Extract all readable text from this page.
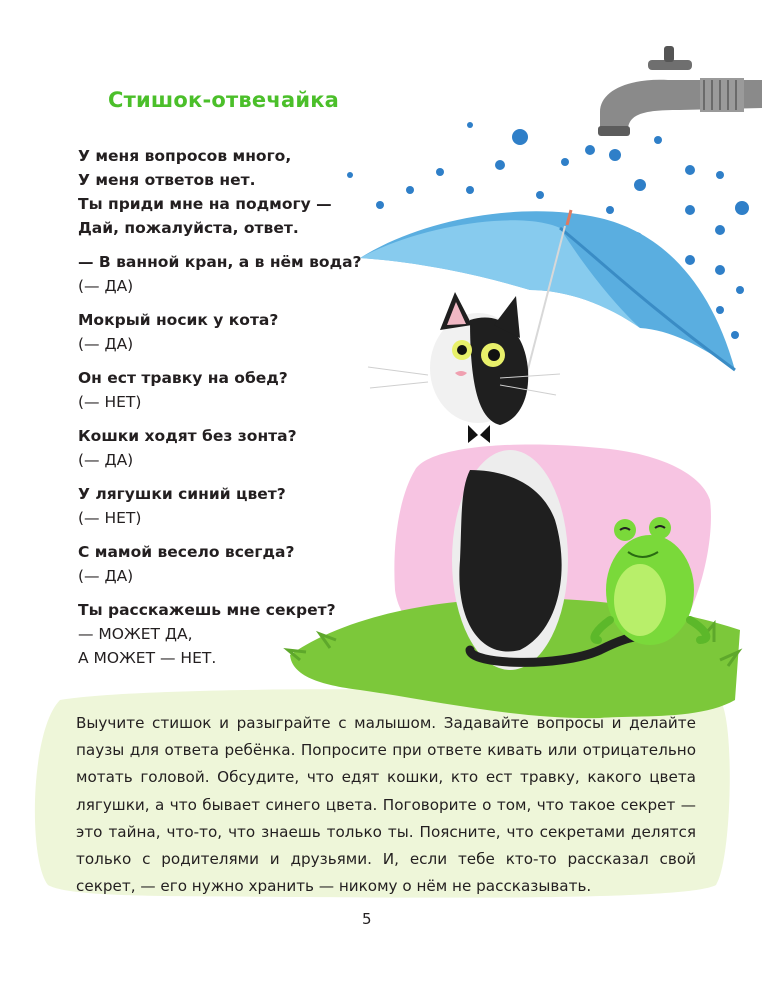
Стишок-отвечайка
У меня вопросов много,
У меня ответов нет.
Ты приди мне на подмогу —
Дай, пожалуйста, ответ.
— В ванной кран, а в нём вода?
(— ДА)
Мокрый носик у кота?
(— ДА)
Он ест травку на обед?
(— НЕТ)
Кошки ходят без зонта?
(— ДА)
У лягушки синий цвет?
(— НЕТ)
С мамой весело всегда?
(— ДА)
Ты расскажешь мне секрет?
— МОЖЕТ ДА,
А МОЖЕТ — НЕТ.
Выучите стишок и разыграйте с малышом. Задавайте вопросы и делайте паузы для ответа ребёнка. Попросите при ответе кивать или отрицательно мотать головой. Обсудите, что едят кошки, кто ест травку, какого цвета лягушки, а что бывает синего цвета. Поговорите о том, что такое секрет — это тайна, что-то, что знаешь только ты. Поясните, что секретами делятся только с родителями и друзьями. И, если тебе кто-то рассказал свой секрет, — его нужно хранить — никому о нём не рассказывать.
5
